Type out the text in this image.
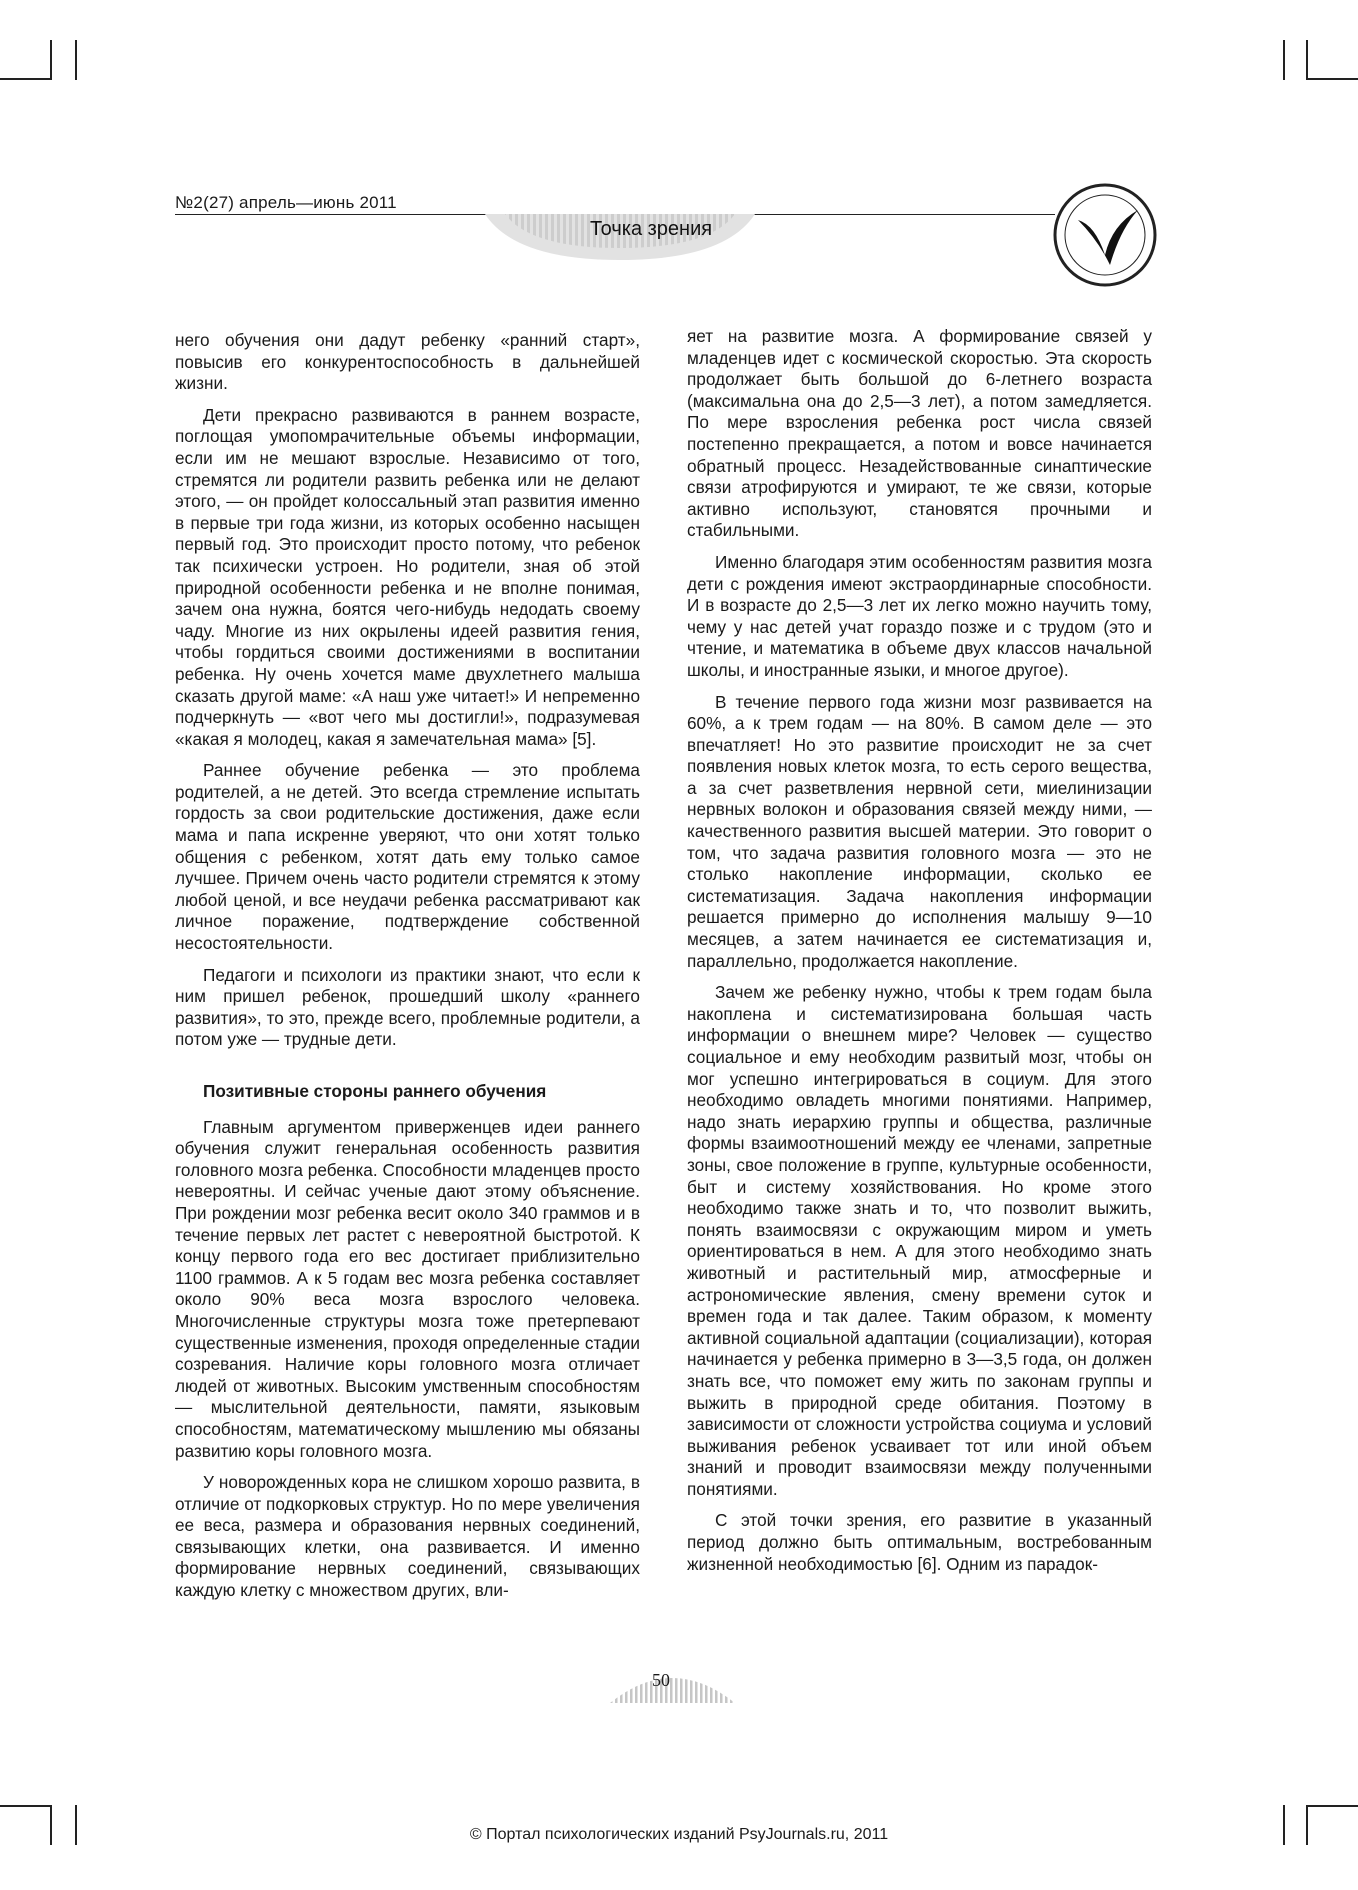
№2(27) апрель—июнь 2011
Точка зрения

него обучения они дадут ребенку «ранний старт», повысив его конкурентоспособность в дальнейшей жизни.

Дети прекрасно развиваются в раннем возрасте, поглощая умопомрачительные объемы информации, если им не мешают взрослые. Независимо от того, стремятся ли родители развить ребенка или не делают этого, — он пройдет колоссальный этап развития именно в первые три года жизни, из которых особенно насыщен первый год. Это происходит просто потому, что ребенок так психически устроен. Но родители, зная об этой природной особенности ребенка и не вполне понимая, зачем она нужна, боятся чего-нибудь недодать своему чаду. Многие из них окрылены идеей развития гения, чтобы гордиться своими достижениями в воспитании ребенка. Ну очень хочется маме двухлетнего малыша сказать другой маме: «А наш уже читает!» И непременно подчеркнуть — «вот чего мы достигли!», подразумевая «какая я молодец, какая я замечательная мама» [5].

Раннее обучение ребенка — это проблема родителей, а не детей. Это всегда стремление испытать гордость за свои родительские достижения, даже если мама и папа искренне уверяют, что они хотят только общения с ребенком, хотят дать ему только самое лучшее. Причем очень часто родители стремятся к этому любой ценой, и все неудачи ребенка рассматривают как личное поражение, подтверждение собственной несостоятельности.

Педагоги и психологи из практики знают, что если к ним пришел ребенок, прошедший школу «раннего развития», то это, прежде всего, проблемные родители, а потом уже — трудные дети.

Позитивные стороны раннего обучения

Главным аргументом приверженцев идеи раннего обучения служит генеральная особенность развития головного мозга ребенка. Способности младенцев просто невероятны. И сейчас ученые дают этому объяснение. При рождении мозг ребенка весит около 340 граммов и в течение первых лет растет с невероятной быстротой. К концу первого года его вес достигает приблизительно 1100 граммов. А к 5 годам вес мозга ребенка составляет около 90% веса мозга взрослого человека. Многочисленные структуры мозга тоже претерпевают существенные изменения, проходя определенные стадии созревания. Наличие коры головного мозга отличает людей от животных. Высоким умственным способностям — мыслительной деятельности, памяти, языковым способностям, математическому мышлению мы обязаны развитию коры головного мозга.

У новорожденных кора не слишком хорошо развита, в отличие от подкорковых структур. Но по мере увеличения ее веса, размера и образования нервных соединений, связывающих клетки, она развивается. И именно формирование нервных соединений, связывающих каждую клетку с множеством других, вли-

яет на развитие мозга. А формирование связей у младенцев идет с космической скоростью. Эта скорость продолжает быть большой до 6-летнего возраста (максимальна она до 2,5—3 лет), а потом замедляется. По мере взросления ребенка рост числа связей постепенно прекращается, а потом и вовсе начинается обратный процесс. Незадействованные синаптические связи атрофируются и умирают, те же связи, которые активно используют, становятся прочными и стабильными.

Именно благодаря этим особенностям развития мозга дети с рождения имеют экстраординарные способности. И в возрасте до 2,5—3 лет их легко можно научить тому, чему у нас детей учат гораздо позже и с трудом (это и чтение, и математика в объеме двух классов начальной школы, и иностранные языки, и многое другое).

В течение первого года жизни мозг развивается на 60%, а к трем годам — на 80%. В самом деле — это впечатляет! Но это развитие происходит не за счет появления новых клеток мозга, то есть серого вещества, а за счет разветвления нервной сети, миелинизации нервных волокон и образования связей между ними, — качественного развития высшей материи. Это говорит о том, что задача развития головного мозга — это не столько накопление информации, сколько ее систематизация. Задача накопления информации решается примерно до исполнения малышу 9—10 месяцев, а затем начинается ее систематизация и, параллельно, продолжается накопление.

Зачем же ребенку нужно, чтобы к трем годам была накоплена и систематизирована большая часть информации о внешнем мире? Человек — существо социальное и ему необходим развитый мозг, чтобы он мог успешно интегрироваться в социум. Для этого необходимо овладеть многими понятиями. Например, надо знать иерархию группы и общества, различные формы взаимоотношений между ее членами, запретные зоны, свое положение в группе, культурные особенности, быт и систему хозяйствования. Но кроме этого необходимо также знать и то, что позволит выжить, понять взаимосвязи с окружающим миром и уметь ориентироваться в нем. А для этого необходимо знать животный и растительный мир, атмосферные и астрономические явления, смену времени суток и времен года и так далее. Таким образом, к моменту активной социальной адаптации (социализации), которая начинается у ребенка примерно в 3—3,5 года, он должен знать все, что поможет ему жить по законам группы и выжить в природной среде обитания. Поэтому в зависимости от сложности устройства социума и условий выживания ребенок усваивает тот или иной объем знаний и проводит взаимосвязи между полученными понятиями.

С этой точки зрения, его развитие в указанный период должно быть оптимальным, востребованным жизненной необходимостью [6]. Одним из парадок-

50
© Портал психологических изданий PsyJournals.ru, 2011
